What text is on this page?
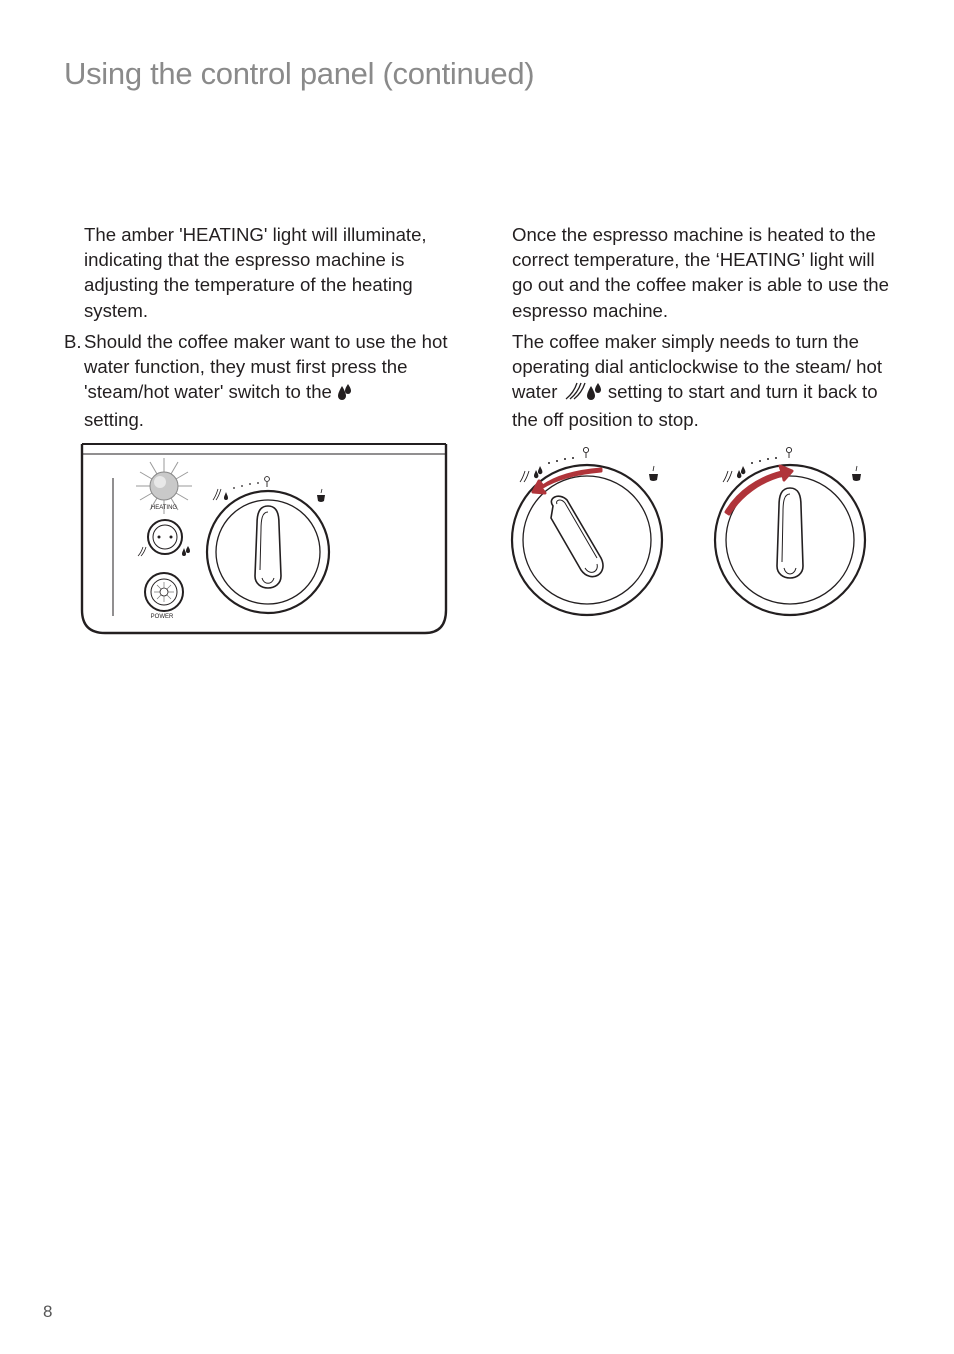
Using the control panel (continued)

The amber 'HEATING' light will illuminate, indicating that the espresso machine is adjusting the temperature of the heating system.

B. Should the coffee maker want to use the hot water function, they must first press the 'steam/hot water' switch to the
setting.

Once the espresso machine is heated to the correct temperature, the ‘HEATING’ light will go out and the coffee maker is able to use the espresso machine.

The coffee maker simply needs to turn the operating dial anticlockwise to the steam/ hot water	setting to start and turn it back to the off position to stop.

HEATING
POWER
8
